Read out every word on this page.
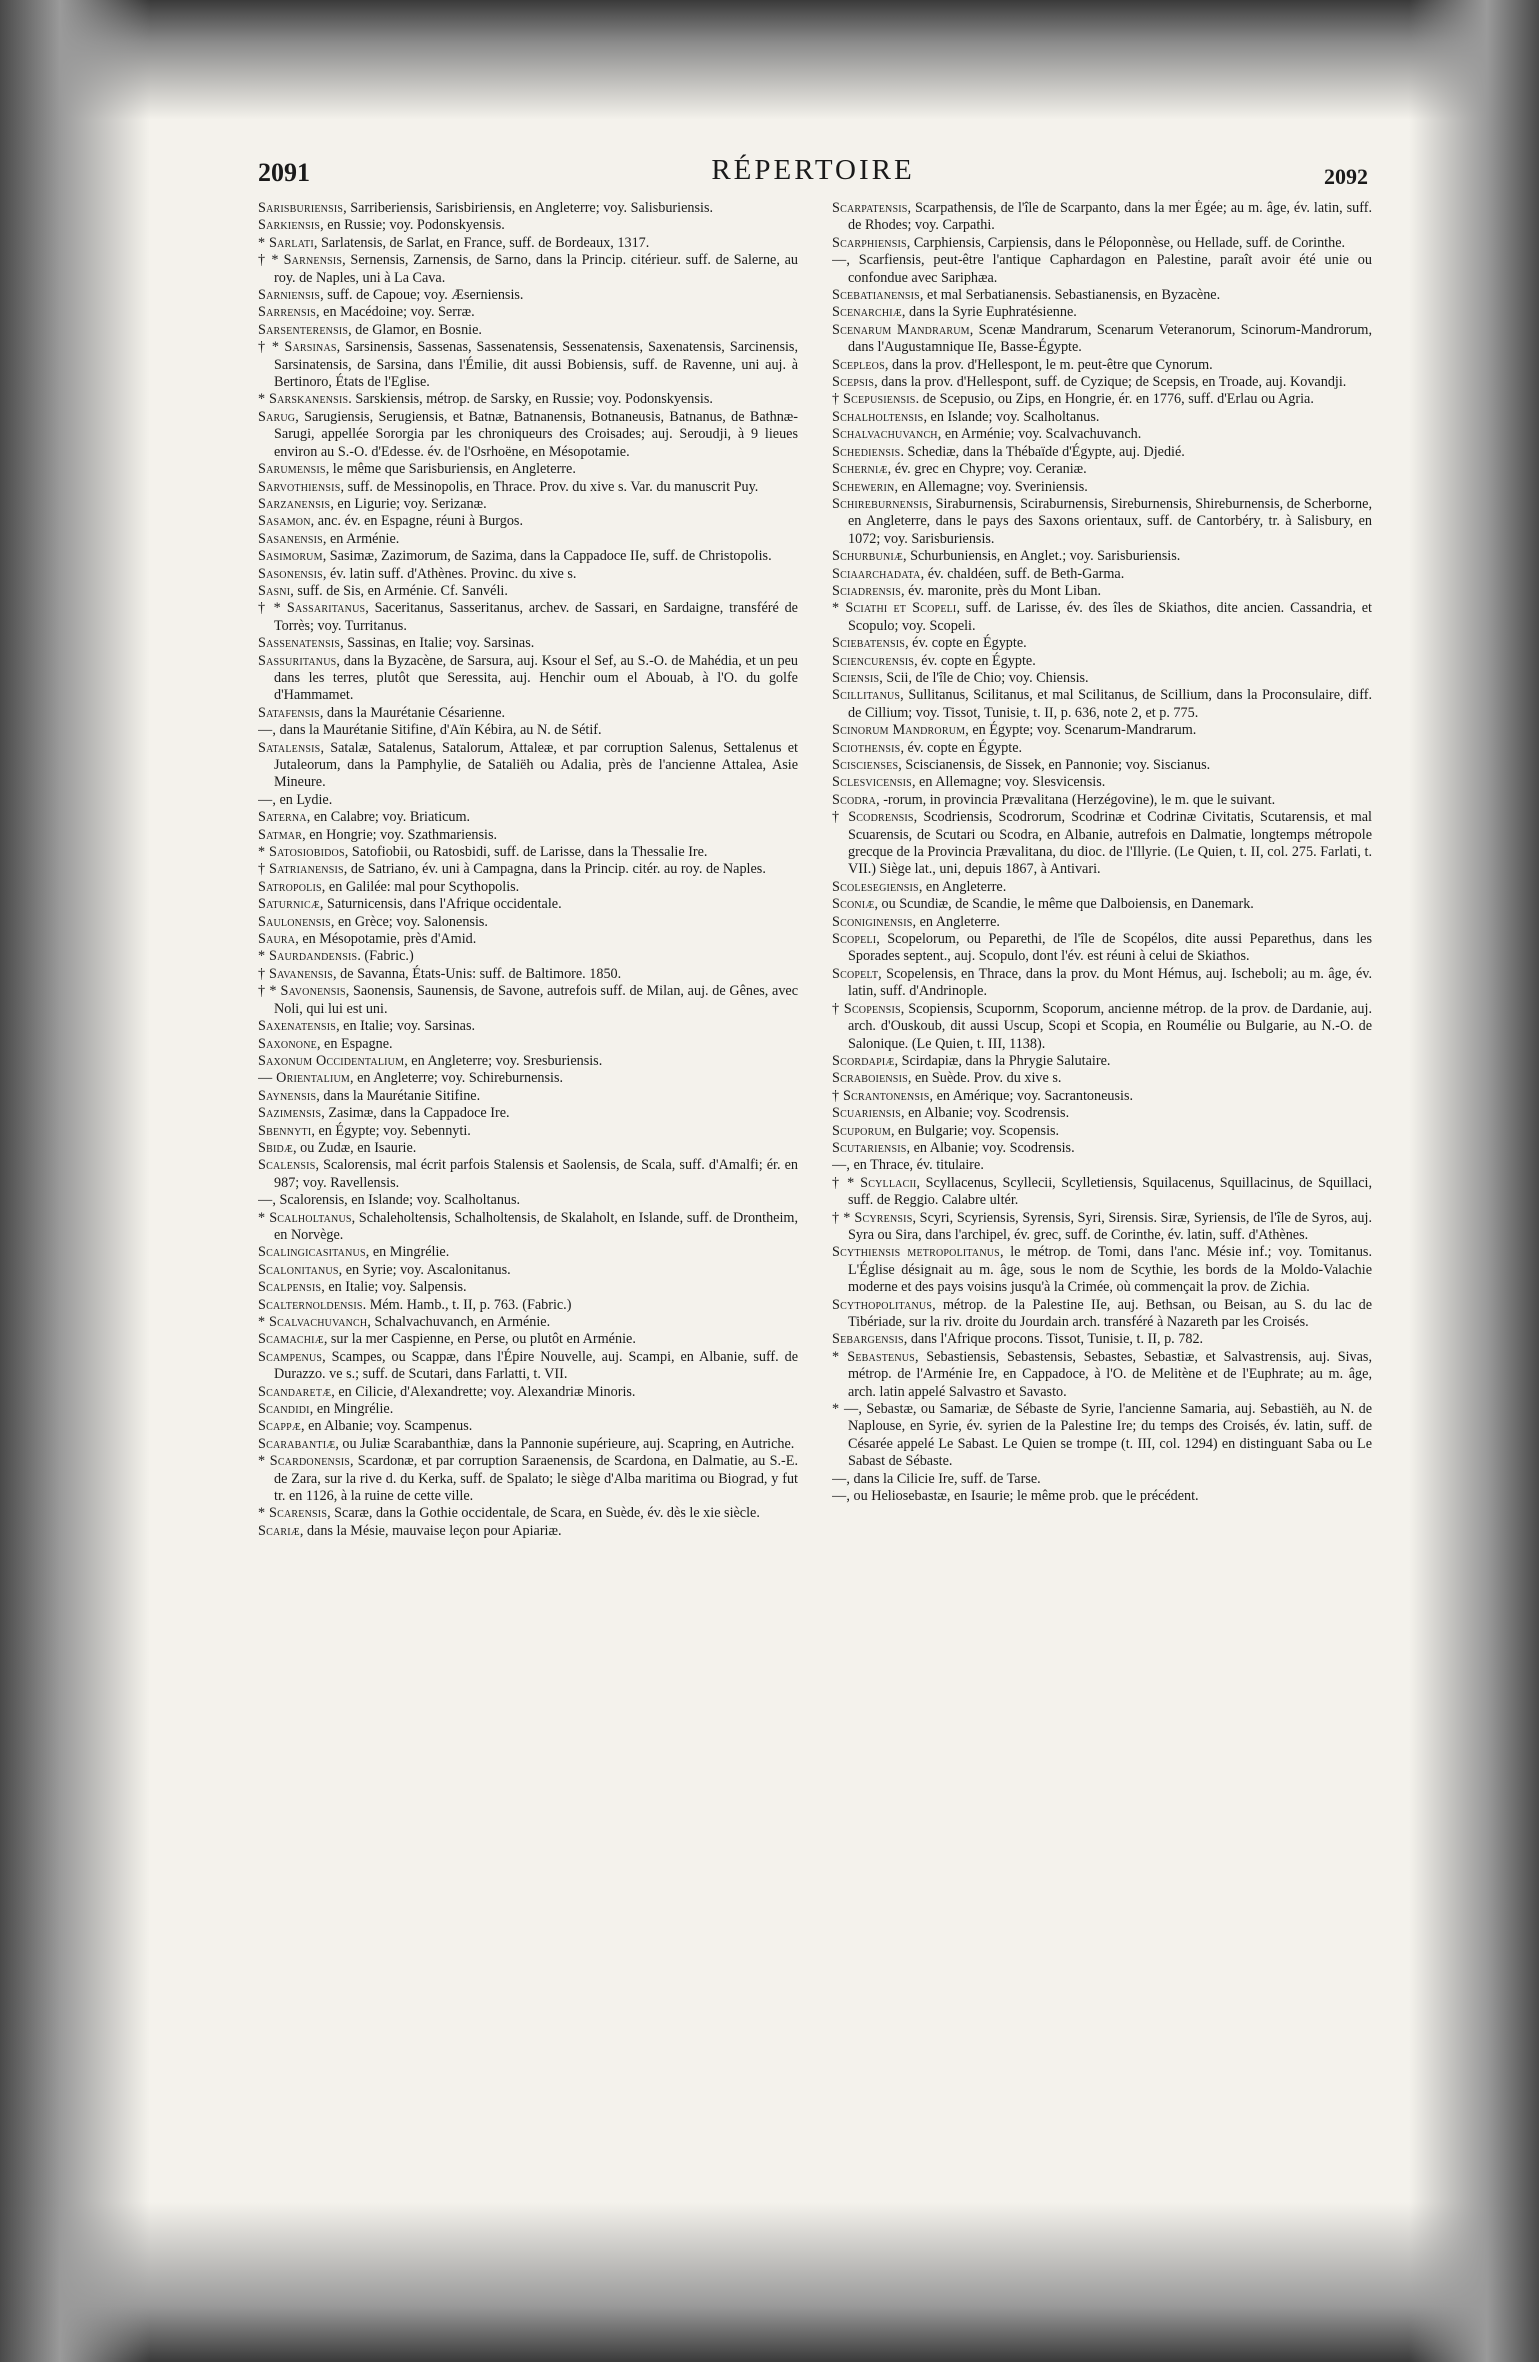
2091	RÉPERTOIRE	2092

Sarisburiensis, Sarriberiensis, Sarisbiriensis, en Angleterre; voy. Salisburiensis.

Sarkiensis, en Russie; voy. Podonskyensis.

* Sarlati, Sarlatensis, de Sarlat, en France, suff. de Bordeaux, 1317.

† * Sarnensis, Sernensis, Zarnensis, de Sarno, dans la Princip. citérieur. suff. de Salerne, au roy. de Naples, uni à La Cava.

Sarniensis, suff. de Capoue; voy. Æserniensis.

Sarrensis, en Macédoine; voy. Serræ.

Sarsenterensis, de Glamor, en Bosnie.

† * Sarsinas, Sarsinensis, Sassenas, Sassenatensis, Sessenatensis, Saxenatensis, Sarcinensis, Sarsinatensis, de Sarsina, dans l'Émilie, dit aussi Bobiensis, suff. de Ravenne, uni auj. à Bertinoro, États de l'Eglise.

* Sarskanensis. Sarskiensis, métrop. de Sarsky, en Russie; voy. Podonskyensis.

Sarug, Sarugiensis, Serugiensis, et Batnæ, Batnanensis, Botnaneusis, Batnanus, de Bathnæ-Sarugi, appellée Sororgia par les chroniqueurs des Croisades; auj. Seroudji, à 9 lieues environ au S.-O. d'Edesse. év. de l'Osrhoëne, en Mésopotamie.

Sarumensis, le même que Sarisburiensis, en Angleterre.

Sarvothiensis, suff. de Messinopolis, en Thrace. Prov. du xive s. Var. du manuscrit Puy.

Sarzanensis, en Ligurie; voy. Serizanæ.

Sasamon, anc. év. en Espagne, réuni à Burgos.

Sasanensis, en Arménie.

Sasimorum, Sasimæ, Zazimorum, de Sazima, dans la Cappadoce IIe, suff. de Christopolis.

Sasonensis, év. latin suff. d'Athènes. Provinc. du xive s.

Sasni, suff. de Sis, en Arménie. Cf. Sanvéli.

† * Sassaritanus, Saceritanus, Sasseritanus, archev. de Sassari, en Sardaigne, transféré de Torrès; voy. Turritanus.

Sassenatensis, Sassinas, en Italie; voy. Sarsinas.

Sassuritanus, dans la Byzacène, de Sarsura, auj. Ksour el Sef, au S.-O. de Mahédia, et un peu dans les terres, plutôt que Seressita, auj. Henchir oum el Abouab, à l'O. du golfe d'Hammamet.

Satafensis, dans la Maurétanie Césarienne.

—, dans la Maurétanie Sitifine, d'Aïn Kébira, au N. de Sétif.

Satalensis, Satalæ, Satalenus, Satalorum, Attaleæ, et par corruption Salenus, Settalenus et Jutaleorum, dans la Pamphylie, de Sataliëh ou Adalia, près de l'ancienne Attalea, Asie Mineure.

—, en Lydie.

Saterna, en Calabre; voy. Briaticum.

Satmar, en Hongrie; voy. Szathmariensis.

* Satosiobidos, Satofiobii, ou Ratosbidi, suff. de Larisse, dans la Thessalie Ire.

† Satrianensis, de Satriano, év. uni à Campagna, dans la Princip. citér. au roy. de Naples.

Satropolis, en Galilée: mal pour Scythopolis.

Saturnicæ, Saturnicensis, dans l'Afrique occidentale.

Saulonensis, en Grèce; voy. Salonensis.

Saura, en Mésopotamie, près d'Amid.

* Saurdandensis. (Fabric.)

† Savanensis, de Savanna, États-Unis: suff. de Baltimore. 1850.

† * Savonensis, Saonensis, Saunensis, de Savone, autrefois suff. de Milan, auj. de Gênes, avec Noli, qui lui est uni.

Saxenatensis, en Italie; voy. Sarsinas.

Saxonone, en Espagne.

Saxonum Occidentalium, en Angleterre; voy. Sresburiensis.

— Orientalium, en Angleterre; voy. Schireburnensis.

Saynensis, dans la Maurétanie Sitifine.

Sazimensis, Zasimæ, dans la Cappadoce Ire.

Sbennyti, en Égypte; voy. Sebennyti.

Sbidæ, ou Zudæ, en Isaurie.

Scalensis, Scalorensis, mal écrit parfois Stalensis et Saolensis, de Scala, suff. d'Amalfi; ér. en 987; voy. Ravellensis.

—, Scalorensis, en Islande; voy. Scalholtanus.

* Scalholtanus, Schaleholtensis, Schalholtensis, de Skalaholt, en Islande, suff. de Drontheim, en Norvège.

Scalingicasitanus, en Mingrélie.

Scalonitanus, en Syrie; voy. Ascalonitanus.

Scalpensis, en Italie; voy. Salpensis.

Scalternoldensis. Mém. Hamb., t. II, p. 763. (Fabric.)

* Scalvachuvanch, Schalvachuvanch, en Arménie.

Scamachiæ, sur la mer Caspienne, en Perse, ou plutôt en Arménie.

Scampenus, Scampes, ou Scappæ, dans l'Épire Nouvelle, auj. Scampi, en Albanie, suff. de Durazzo. ve s.; suff. de Scutari, dans Farlatti, t. VII.

Scandaretæ, en Cilicie, d'Alexandrette; voy. Alexandriæ Minoris.

Scandidi, en Mingrélie.

Scappæ, en Albanie; voy. Scampenus.

Scarabantiæ, ou Juliæ Scarabanthiæ, dans la Pannonie supérieure, auj. Scapring, en Autriche.

* Scardonensis, Scardonæ, et par corruption Saraenensis, de Scardona, en Dalmatie, au S.-E. de Zara, sur la rive d. du Kerka, suff. de Spalato; le siège d'Alba maritima ou Biograd, y fut tr. en 1126, à la ruine de cette ville.

* Scarensis, Scaræ, dans la Gothie occidentale, de Scara, en Suède, év. dès le xie siècle.

Scariæ, dans la Mésie, mauvaise leçon pour Apiariæ.

Scarpatensis, Scarpathensis, de l'île de Scarpanto, dans la mer Égée; au m. âge, év. latin, suff. de Rhodes; voy. Carpathi.

Scarphiensis, Carphiensis, Carpiensis, dans le Péloponnèse, ou Hellade, suff. de Corinthe.

—, Scarfiensis, peut-être l'antique Caphardagon en Palestine, paraît avoir été unie ou confondue avec Sariphæa.

Scebatianensis, et mal Serbatianensis. Sebastianensis, en Byzacène.

Scenarchiæ, dans la Syrie Euphratésienne.

Scenarum Mandrarum, Scenæ Mandrarum, Scenarum Veteranorum, Scinorum-Mandrorum, dans l'Augustamnique IIe, Basse-Égypte.

Scepleos, dans la prov. d'Hellespont, le m. peut-être que Cynorum.

Scepsis, dans la prov. d'Hellespont, suff. de Cyzique; de Scepsis, en Troade, auj. Kovandji.

† Scepusiensis. de Scepusio, ou Zips, en Hongrie, ér. en 1776, suff. d'Erlau ou Agria.

Schalholtensis, en Islande; voy. Scalholtanus.

Schalvachuvanch, en Arménie; voy. Scalvachuvanch.

Schediensis. Schediæ, dans la Thébaïde d'Égypte, auj. Djedié.

Scherniæ, év. grec en Chypre; voy. Ceraniæ.

Schewerin, en Allemagne; voy. Sveriniensis.

Schireburnensis, Siraburnensis, Sciraburnensis, Sireburnensis, Shireburnensis, de Scherborne, en Angleterre, dans le pays des Saxons orientaux, suff. de Cantorbéry, tr. à Salisbury, en 1072; voy. Sarisburiensis.

Schurbuniæ, Schurbuniensis, en Anglet.; voy. Sarisburiensis.

Sciaarchadata, év. chaldéen, suff. de Beth-Garma.

Sciadrensis, év. maronite, près du Mont Liban.

* Sciathi et Scopeli, suff. de Larisse, év. des îles de Skiathos, dite ancien. Cassandria, et Scopulo; voy. Scopeli.

Sciebatensis, év. copte en Égypte.

Sciencurensis, év. copte en Égypte.

Sciensis, Scii, de l'île de Chio; voy. Chiensis.

Scillitanus, Sullitanus, Scilitanus, et mal Scilitanus, de Scillium, dans la Proconsulaire, diff. de Cillium; voy. Tissot, Tunisie, t. II, p. 636, note 2, et p. 775.

Scinorum Mandrorum, en Égypte; voy. Scenarum-Mandrarum.

Sciothensis, év. copte en Égypte.

Sciscienses, Sciscianensis, de Sissek, en Pannonie; voy. Siscianus.

Sclesvicensis, en Allemagne; voy. Slesvicensis.

Scodra, -rorum, in provincia Prævalitana (Herzégovine), le m. que le suivant.

† Scodrensis, Scodriensis, Scodrorum, Scodrinæ et Codrinæ Civitatis, Scutarensis, et mal Scuarensis, de Scutari ou Scodra, en Albanie, autrefois en Dalmatie, longtemps métropole grecque de la Provincia Prævalitana, du dioc. de l'Illyrie. (Le Quien, t. II, col. 275. Farlati, t. VII.) Siège lat., uni, depuis 1867, à Antivari.

Scolesegiensis, en Angleterre.

Sconiæ, ou Scundiæ, de Scandie, le même que Dalboiensis, en Danemark.

Sconiginensis, en Angleterre.

Scopeli, Scopelorum, ou Peparethi, de l'île de Scopélos, dite aussi Peparethus, dans les Sporades septent., auj. Scopulo, dont l'év. est réuni à celui de Skiathos.

Scopelt, Scopelensis, en Thrace, dans la prov. du Mont Hémus, auj. Ischeboli; au m. âge, év. latin, suff. d'Andrinople.

† Scopensis, Scopiensis, Scupornm, Scoporum, ancienne métrop. de la prov. de Dardanie, auj. arch. d'Ouskoub, dit aussi Uscup, Scopi et Scopia, en Roumélie ou Bulgarie, au N.-O. de Salonique. (Le Quien, t. III, 1138).

Scordapiæ, Scirdapiæ, dans la Phrygie Salutaire.

Scraboiensis, en Suède. Prov. du xive s.

† Scrantonensis, en Amérique; voy. Sacrantoneusis.

Scuariensis, en Albanie; voy. Scodrensis.

Scuporum, en Bulgarie; voy. Scopensis.

Scutariensis, en Albanie; voy. Scodrensis.

—, en Thrace, év. titulaire.

† * Scyllacii, Scyllacenus, Scyllecii, Scylletiensis, Squilacenus, Squillacinus, de Squillaci, suff. de Reggio. Calabre ultér.

† * Scyrensis, Scyri, Scyriensis, Syrensis, Syri, Sirensis. Siræ, Syriensis, de l'île de Syros, auj. Syra ou Sira, dans l'archipel, év. grec, suff. de Corinthe, év. latin, suff. d'Athènes.

Scythiensis metropolitanus, le métrop. de Tomi, dans l'anc. Mésie inf.; voy. Tomitanus. L'Église désignait au m. âge, sous le nom de Scythie, les bords de la Moldo-Valachie moderne et des pays voisins jusqu'à la Crimée, où commençait la prov. de Zichia.

Scythopolitanus, métrop. de la Palestine IIe, auj. Bethsan, ou Beisan, au S. du lac de Tibériade, sur la riv. droite du Jourdain arch. transféré à Nazareth par les Croisés.

Sebargensis, dans l'Afrique procons. Tissot, Tunisie, t. II, p. 782.

* Sebastenus, Sebastiensis, Sebastensis, Sebastes, Sebastiæ, et Salvastrensis, auj. Sivas, métrop. de l'Arménie Ire, en Cappadoce, à l'O. de Melitène et de l'Euphrate; au m. âge, arch. latin appelé Salvastro et Savasto.

* —, Sebastæ, ou Samariæ, de Sébaste de Syrie, l'ancienne Samaria, auj. Sebastiëh, au N. de Naplouse, en Syrie, év. syrien de la Palestine Ire; du temps des Croisés, év. latin, suff. de Césarée appelé Le Sabast. Le Quien se trompe (t. III, col. 1294) en distinguant Saba ou Le Sabast de Sébaste.

—, dans la Cilicie Ire, suff. de Tarse.

—, ou Heliosebastæ, en Isaurie; le même prob. que le précédent.
